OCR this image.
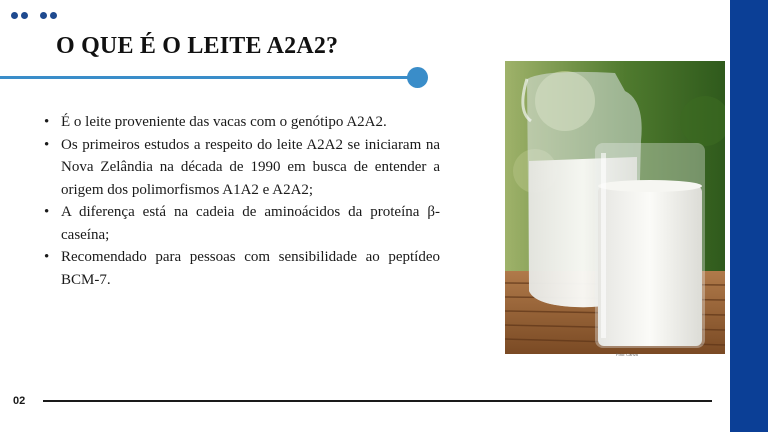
O QUE É O LEITE A2A2?
• É o leite proveniente das vacas com o genótipo A2A2.
• Os primeiros estudos a respeito do leite A2A2 se iniciaram na Nova Zelândia na década de 1990 em busca de entender a origem dos polimorfismos A1A2 e A2A2;
• A diferença está na cadeia de aminoácidos da proteína β-caseína;
• Recomendado para pessoas com sensibilidade ao peptídeo BCM-7.
Foto: Canva
02
